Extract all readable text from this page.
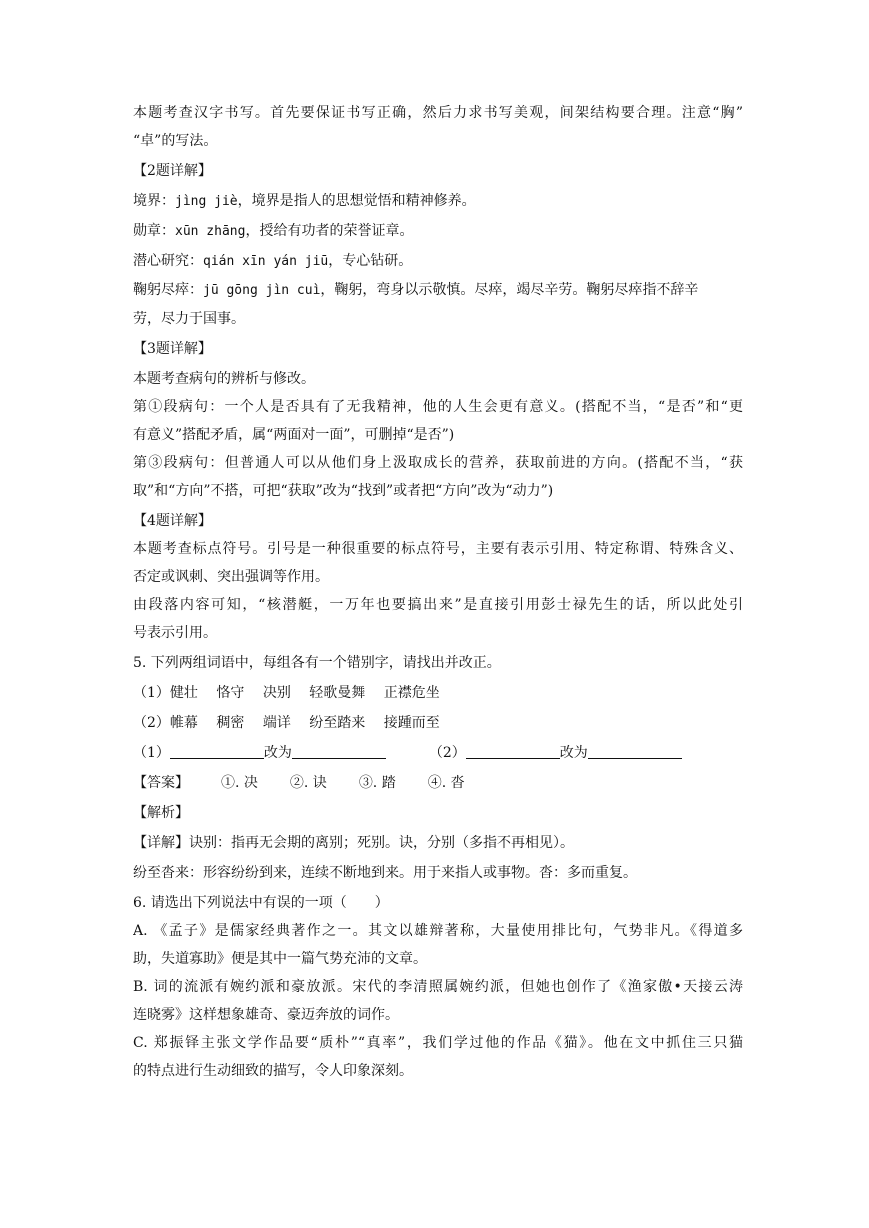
本题考查汉字书写。首先要保证书写正确，然后力求书写美观，间架结构要合理。注意“胸”
“卓”的写法。
【2题详解】
境界：jìng jiè，境界是指人的思想觉悟和精神修养。
勋章：xūn zhāng，授给有功者的荣誉证章。
潜心研究：qián xīn yán jiū，专心钻研。
鞠躬尽瘁：jū gōng jìn cuì，鞠躬，弯身以示敬慎。尽瘁，竭尽辛劳。鞠躬尽瘁指不辞辛
劳，尽力于国事。
【3题详解】
本题考查病句的辨析与修改。
第①段病句：一个人是否具有了无我精神，他的人生会更有意义。(搭配不当，“是否”和“更
有意义”搭配矛盾，属“两面对一面”，可删掉“是否”)
第③段病句：但普通人可以从他们身上汲取成长的营养，获取前进的方向。(搭配不当，“获
取”和“方向”不搭，可把“获取”改为“找到”或者把“方向”改为“动力”)
【4题详解】
本题考查标点符号。引号是一种很重要的标点符号，主要有表示引用、特定称谓、特殊含义、
否定或讽刺、突出强调等作用。
由段落内容可知，“核潜艇，一万年也要搞出来”是直接引用彭士禄先生的话，所以此处引
号表示引用。
5. 下列两组词语中，每组各有一个错别字，请找出并改正。
（1）健壮 恪守 决别 轻歌曼舞 正襟危坐
（2）帷幕 稠密 端详 纷至踏来 接踵而至
（1）	改为	（2）	改为
【答案】 ①. 决 ②. 诀 ③. 踏 ④. 沓
【解析】
【详解】诀别：指再无会期的离别；死别。诀，分别（多指不再相见）。
纷至沓来：形容纷纷到来，连续不断地到来。用于来指人或事物。沓：多而重复。
6. 请选出下列说法中有误的一项（　　）
A. 《孟子》是儒家经典著作之一。其文以雄辩著称，大量使用排比句，气势非凡。《得道多
助，失道寡助》便是其中一篇气势充沛的文章。
B. 词的流派有婉约派和豪放派。宋代的李清照属婉约派，但她也创作了《渔家傲•天接云涛
连晓雾》这样想象雄奇、豪迈奔放的词作。
C. 郑振铎主张文学作品要“质朴”“真率”，我们学过他的作品《猫》。他在文中抓住三只猫
的特点进行生动细致的描写，令人印象深刻。
